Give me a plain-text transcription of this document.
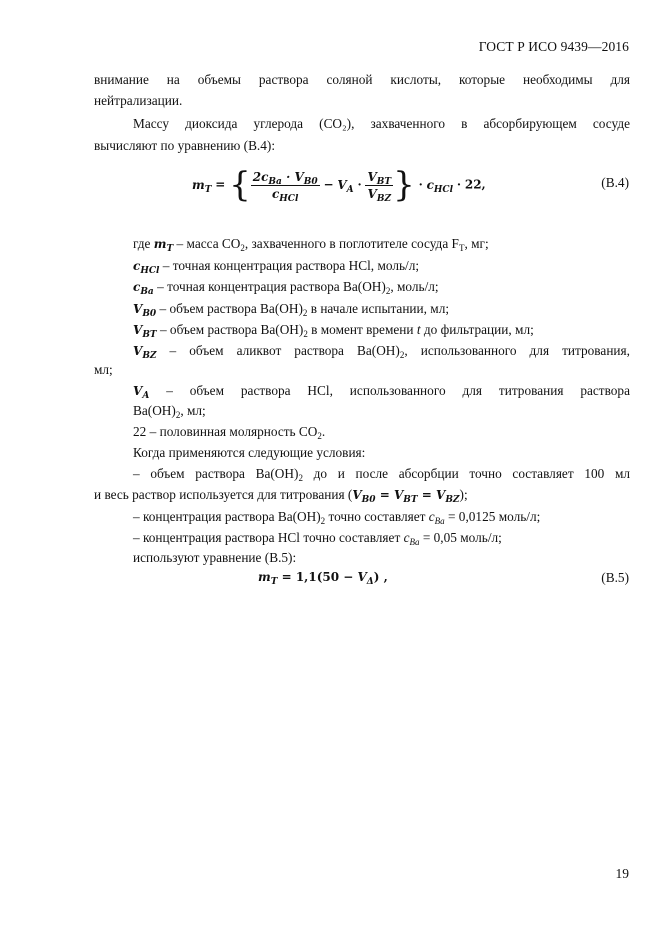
ГОСТ Р ИСО 9439—2016
внимание на объемы раствора соляной кислоты, которые необходимы для
нейтрализации.
Массу диоксида углерода (CO₂), захваченного в абсорбирующем сосуде
вычисляют по уравнению (В.4):
$m_T$ = { $\frac{2c_{Ba} \cdot V_{B0}}{c_{HCl}} - V_A \cdot \frac{V_{BT}}{V_{BZ}}$ } · $c_{HCl} \cdot 22$,	(В.4)
где $m_T$ – масса $CO_2$, захваченного в поглотителе сосуда $F_T$, мг;
$c_{HCl}$ – точная концентрация раствора HCl, моль/л;
$c_{Ba}$ – точная концентрация раствора $Ba(OH)_2$, моль/л;
$V_{B0}$ – объем раствора $Ba(OH)_2$ в начале испытании, мл;
$V_{BT}$ – объем раствора $Ba(OH)_2$ в момент времени t до фильтрации, мл;
$V_{BZ}$ – объем аликвот раствора $Ba(OH)_2$, использованного для титрования,
мл;
$V_A$ – объем раствора HCl, использованного для титрования раствора
$Ba(OH)_2$, мл;
22 – половинная молярность $CO_2$.
Когда применяются следующие условия:
– объем раствора $Ba(OH)_2$ до и после абсорбции точно составляет 100 мл
и весь раствор используется для титрования $(V_{B0} = V_{BT} = V_{BZ})$;
– концентрация раствора $Ba(OH)_2$ точно составляет $c_{Ba} = 0,0125$ моль/л;
– концентрация раствора HCl точно составляет $c_{Ba} = 0,05$ моль/л;
используют уравнение (В.5):
$m_T = 1,1(50 - V_\Delta)$ ,	(В.5)
19
